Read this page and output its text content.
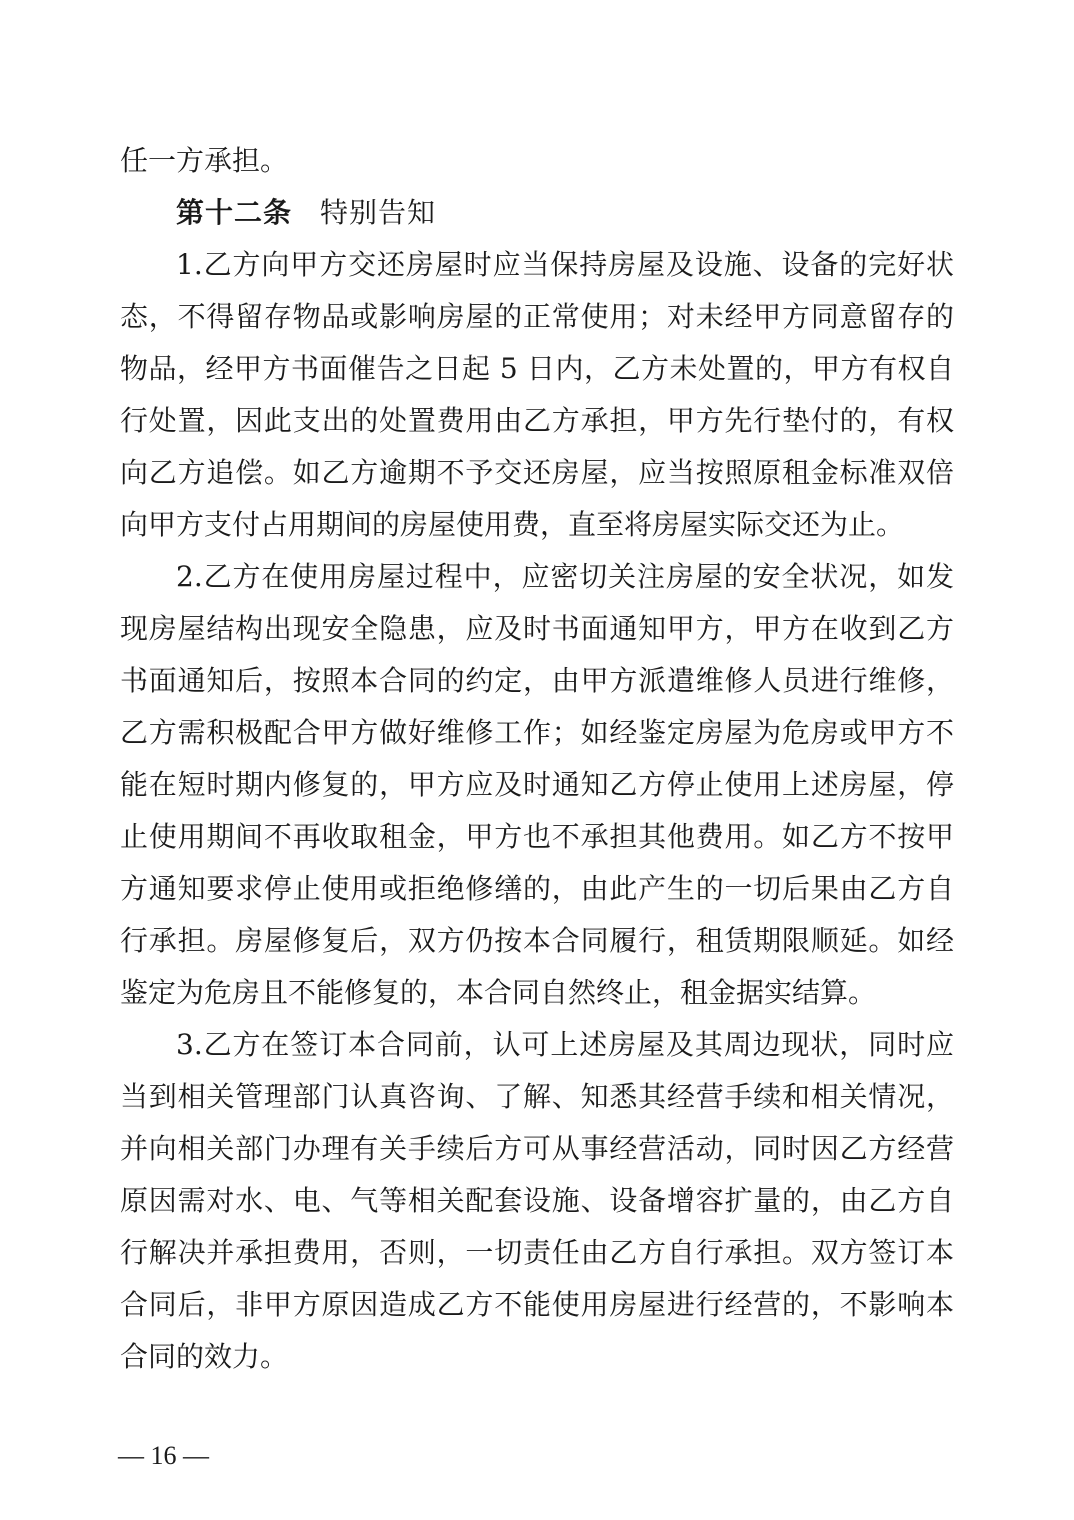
任一方承担。
第十二条 特别告知
1.乙方向甲方交还房屋时应当保持房屋及设施、设备的完好状
态，不得留存物品或影响房屋的正常使用；对未经甲方同意留存的
物品，经甲方书面催告之日起 5 日内，乙方未处置的，甲方有权自
行处置，因此支出的处置费用由乙方承担，甲方先行垫付的，有权
向乙方追偿。如乙方逾期不予交还房屋，应当按照原租金标准双倍
向甲方支付占用期间的房屋使用费，直至将房屋实际交还为止。
2.乙方在使用房屋过程中，应密切关注房屋的安全状况，如发
现房屋结构出现安全隐患，应及时书面通知甲方，甲方在收到乙方
书面通知后，按照本合同的约定，由甲方派遣维修人员进行维修，
乙方需积极配合甲方做好维修工作；如经鉴定房屋为危房或甲方不
能在短时期内修复的，甲方应及时通知乙方停止使用上述房屋，停
止使用期间不再收取租金，甲方也不承担其他费用。如乙方不按甲
方通知要求停止使用或拒绝修缮的，由此产生的一切后果由乙方自
行承担。房屋修复后，双方仍按本合同履行，租赁期限顺延。如经
鉴定为危房且不能修复的，本合同自然终止，租金据实结算。
3.乙方在签订本合同前，认可上述房屋及其周边现状，同时应
当到相关管理部门认真咨询、了解、知悉其经营手续和相关情况，
并向相关部门办理有关手续后方可从事经营活动，同时因乙方经营
原因需对水、电、气等相关配套设施、设备增容扩量的，由乙方自
行解决并承担费用，否则，一切责任由乙方自行承担。双方签订本
合同后，非甲方原因造成乙方不能使用房屋进行经营的，不影响本
合同的效力。
— 16 —
